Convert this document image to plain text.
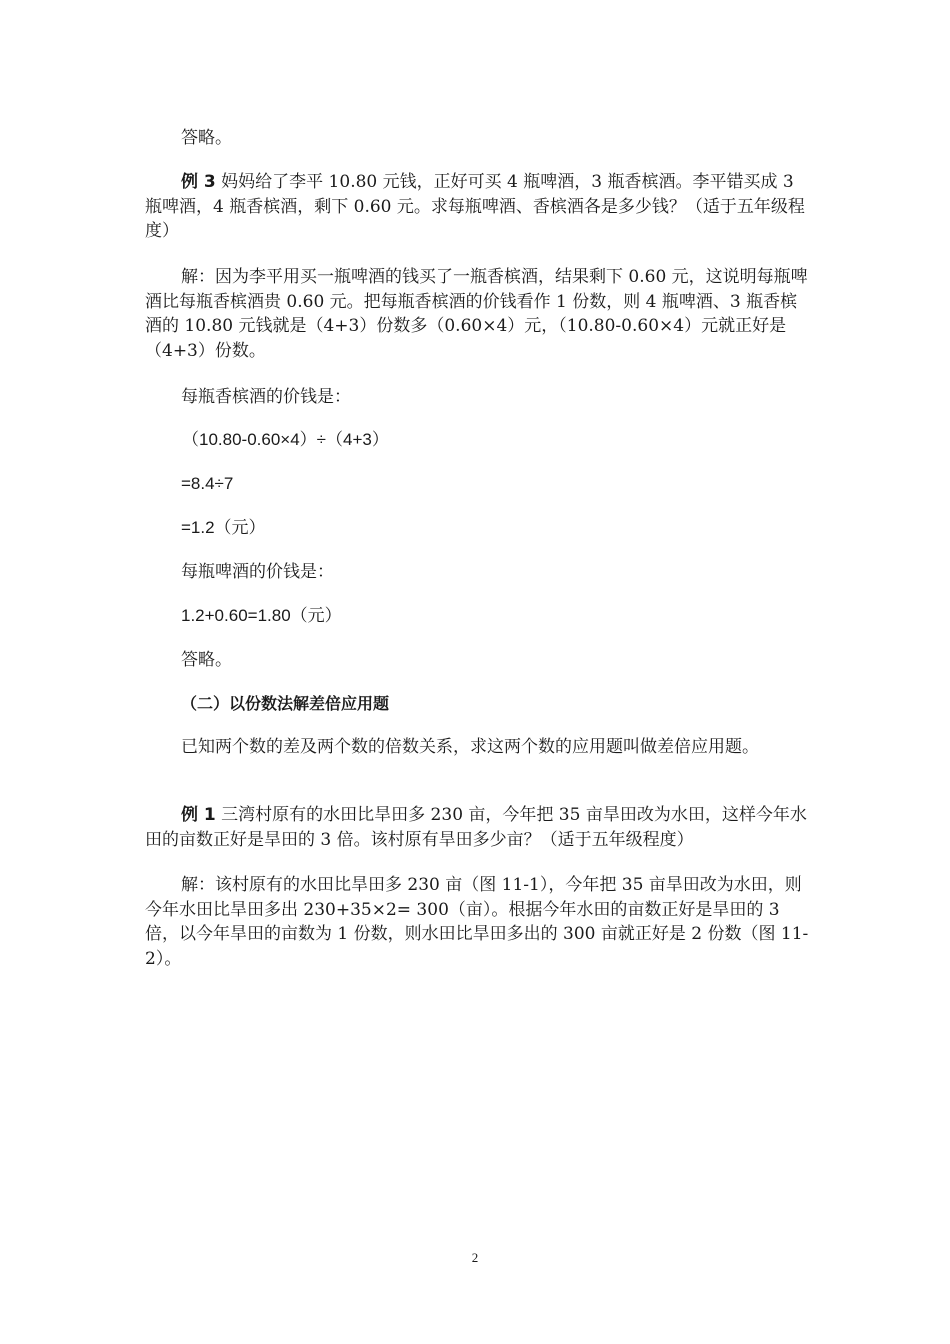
答略。

例 3 妈妈给了李平 10.80 元钱，正好可买 4 瓶啤酒，3 瓶香槟酒。李平错买成 3 瓶啤酒，4 瓶香槟酒，剩下 0.60 元。求每瓶啤酒、香槟酒各是多少钱？（适于五年级程度）

解：因为李平用买一瓶啤酒的钱买了一瓶香槟酒，结果剩下 0.60 元，这说明每瓶啤酒比每瓶香槟酒贵 0.60 元。把每瓶香槟酒的价钱看作 1 份数，则 4 瓶啤酒、3 瓶香槟酒的 10.80 元钱就是（4+3）份数多（0.60×4）元，（10.80-0.60×4）元就正好是（4+3）份数。

每瓶香槟酒的价钱是：

（10.80-0.60×4）÷（4+3）

=8.4÷7

=1.2（元）

每瓶啤酒的价钱是：

1.2+0.60=1.80（元）

答略。

（二）以份数法解差倍应用题

已知两个数的差及两个数的倍数关系，求这两个数的应用题叫做差倍应用题。

例 1 三湾村原有的水田比旱田多 230 亩，今年把 35 亩旱田改为水田，这样今年水田的亩数正好是旱田的 3 倍。该村原有旱田多少亩？（适于五年级程度）

解：该村原有的水田比旱田多 230 亩（图 11-1），今年把 35 亩旱田改为水田，则今年水田比旱田多出 230+35×2= 300（亩）。根据今年水田的亩数正好是旱田的 3 倍，以今年旱田的亩数为 1 份数，则水田比旱田多出的 300 亩就正好是 2 份数（图 11-2）。

2
